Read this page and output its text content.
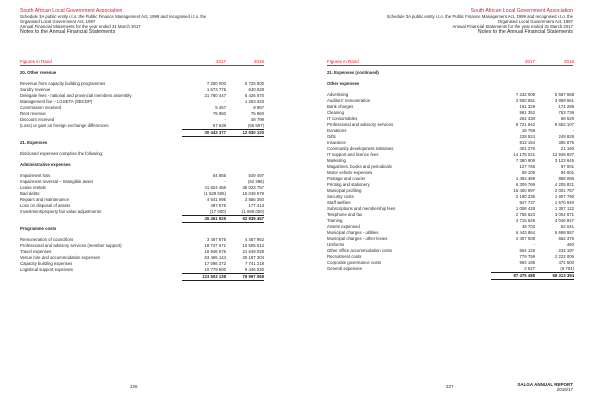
South African Local Government Association
Schedule 3A public entity i.t.o. the Public Finance Management Act, 1999 and recognised i.t.o. the
Organised Local Government Act, 1997
Annual Financial Statements for the year ended 31 March 2017
Notes to the Annual Financial Statements
Figures in Rand	2017	2016
20. Other revenue
Revenue from capacity building programmes	7 250 000	5 725 500
Sundry revenue	1 673 775	640 628
Delegate fees - national and provincial members assembly	21 780 447	5 426 670
Management fee – LGSETA (SBCDP)	-	1 263 333
Commission received	5 467	9 987
Rent revenue	75 960	75 960
Discount received	-	48 799
(Loss) or gain on foreign exchange differences	57 638	(65 597)
30 443 377	12 930 120
21. Expenses
Disclosed expenses comprise the following:
Administrative expenses
Impairment loss	54 855	549 497
Impairment reversal – Intangible asset	-	(62 396)
Lease rentals	41 824 456	35 023 757
Bad debts	(1 528 506)	15 049 679
Repairs and maintenance	4 641 695	3 856 350
Loss on disposal of assets	487 675	177 413
Investment/property fair value adjustments	(17 000)	(1 659 000)
45 461 925	52 935 457
Programme costs
Remuneration of councillors	3 467 875	4 457 952
Professional and advisory services (member support)	18 747 671	10 505 012
Travel expenses	18 946 576	21 649 029
Venue hire and accommodation expenses	53 465 144	25 187 304
Capacity building expenses	17 096 372	7 741 218
Logistical support expenses	10 779 500	9 446 530
123 503 138	78 997 068
226
South African Local Government Association
Schedule 3A public entity i.t.o. the Public Finance Management Act, 1999 and recognised i.t.o. the
Organised Local Government Act, 1997
Annual Financial Statements for the year ended 31 March 2017
Notes to the Annual Financial Statements
Figures in Rand	2017	2016
21. Expenses (continued)
Other expenses
Advertising	7 232 009	5 587 658
Auditors' remuneration	2 500 651	3 859 661
Bank charges	191 329	174 289
Cleaning	961 352	763 736
IT consumables	264 430	68 529
Professional and advisory services	6 721 942	9 652 107
Donations	19 759	-
Gifts	228 524	249 828
Insurance	913 154	366 876
Community development initiatives	401 276	21 160
IT support and licence fees	14 178 021	12 946 937
Marketing	7 380 909	3 123 645
Magazines, books and periodicals	127 766	97 001
Motor vehicle expenses	59 109	84 601
Postage and courier	1 493 489	858 086
Printing and stationery	6 309 769	4 205 821
Municipal profiling	16 400 997	2 001 767
Security costs	2 190 235	1 907 790
Staff welfare	947 737	1 570 940
Subscriptions and membership fees	1 058 428	1 357 122
Telephone and fax	2 755 623	3 004 571
Training	4 715 626	4 046 847
Assets expensed	49 703	52 041
Municipal charges - utilities	6 443 864	5 698 557
Municipal charges - other levies	2 407 008	662 375
Uniforms	-	460
Other office accommodation costs	564 125	234 197
Recruitment costs	779 759	2 222 006
Corporate governance costs	993 195	474 500
General expenses	2 527	(6 704)
87 475 488	68 313 394
227	SALGA ANNUAL REPORT
2016/17
